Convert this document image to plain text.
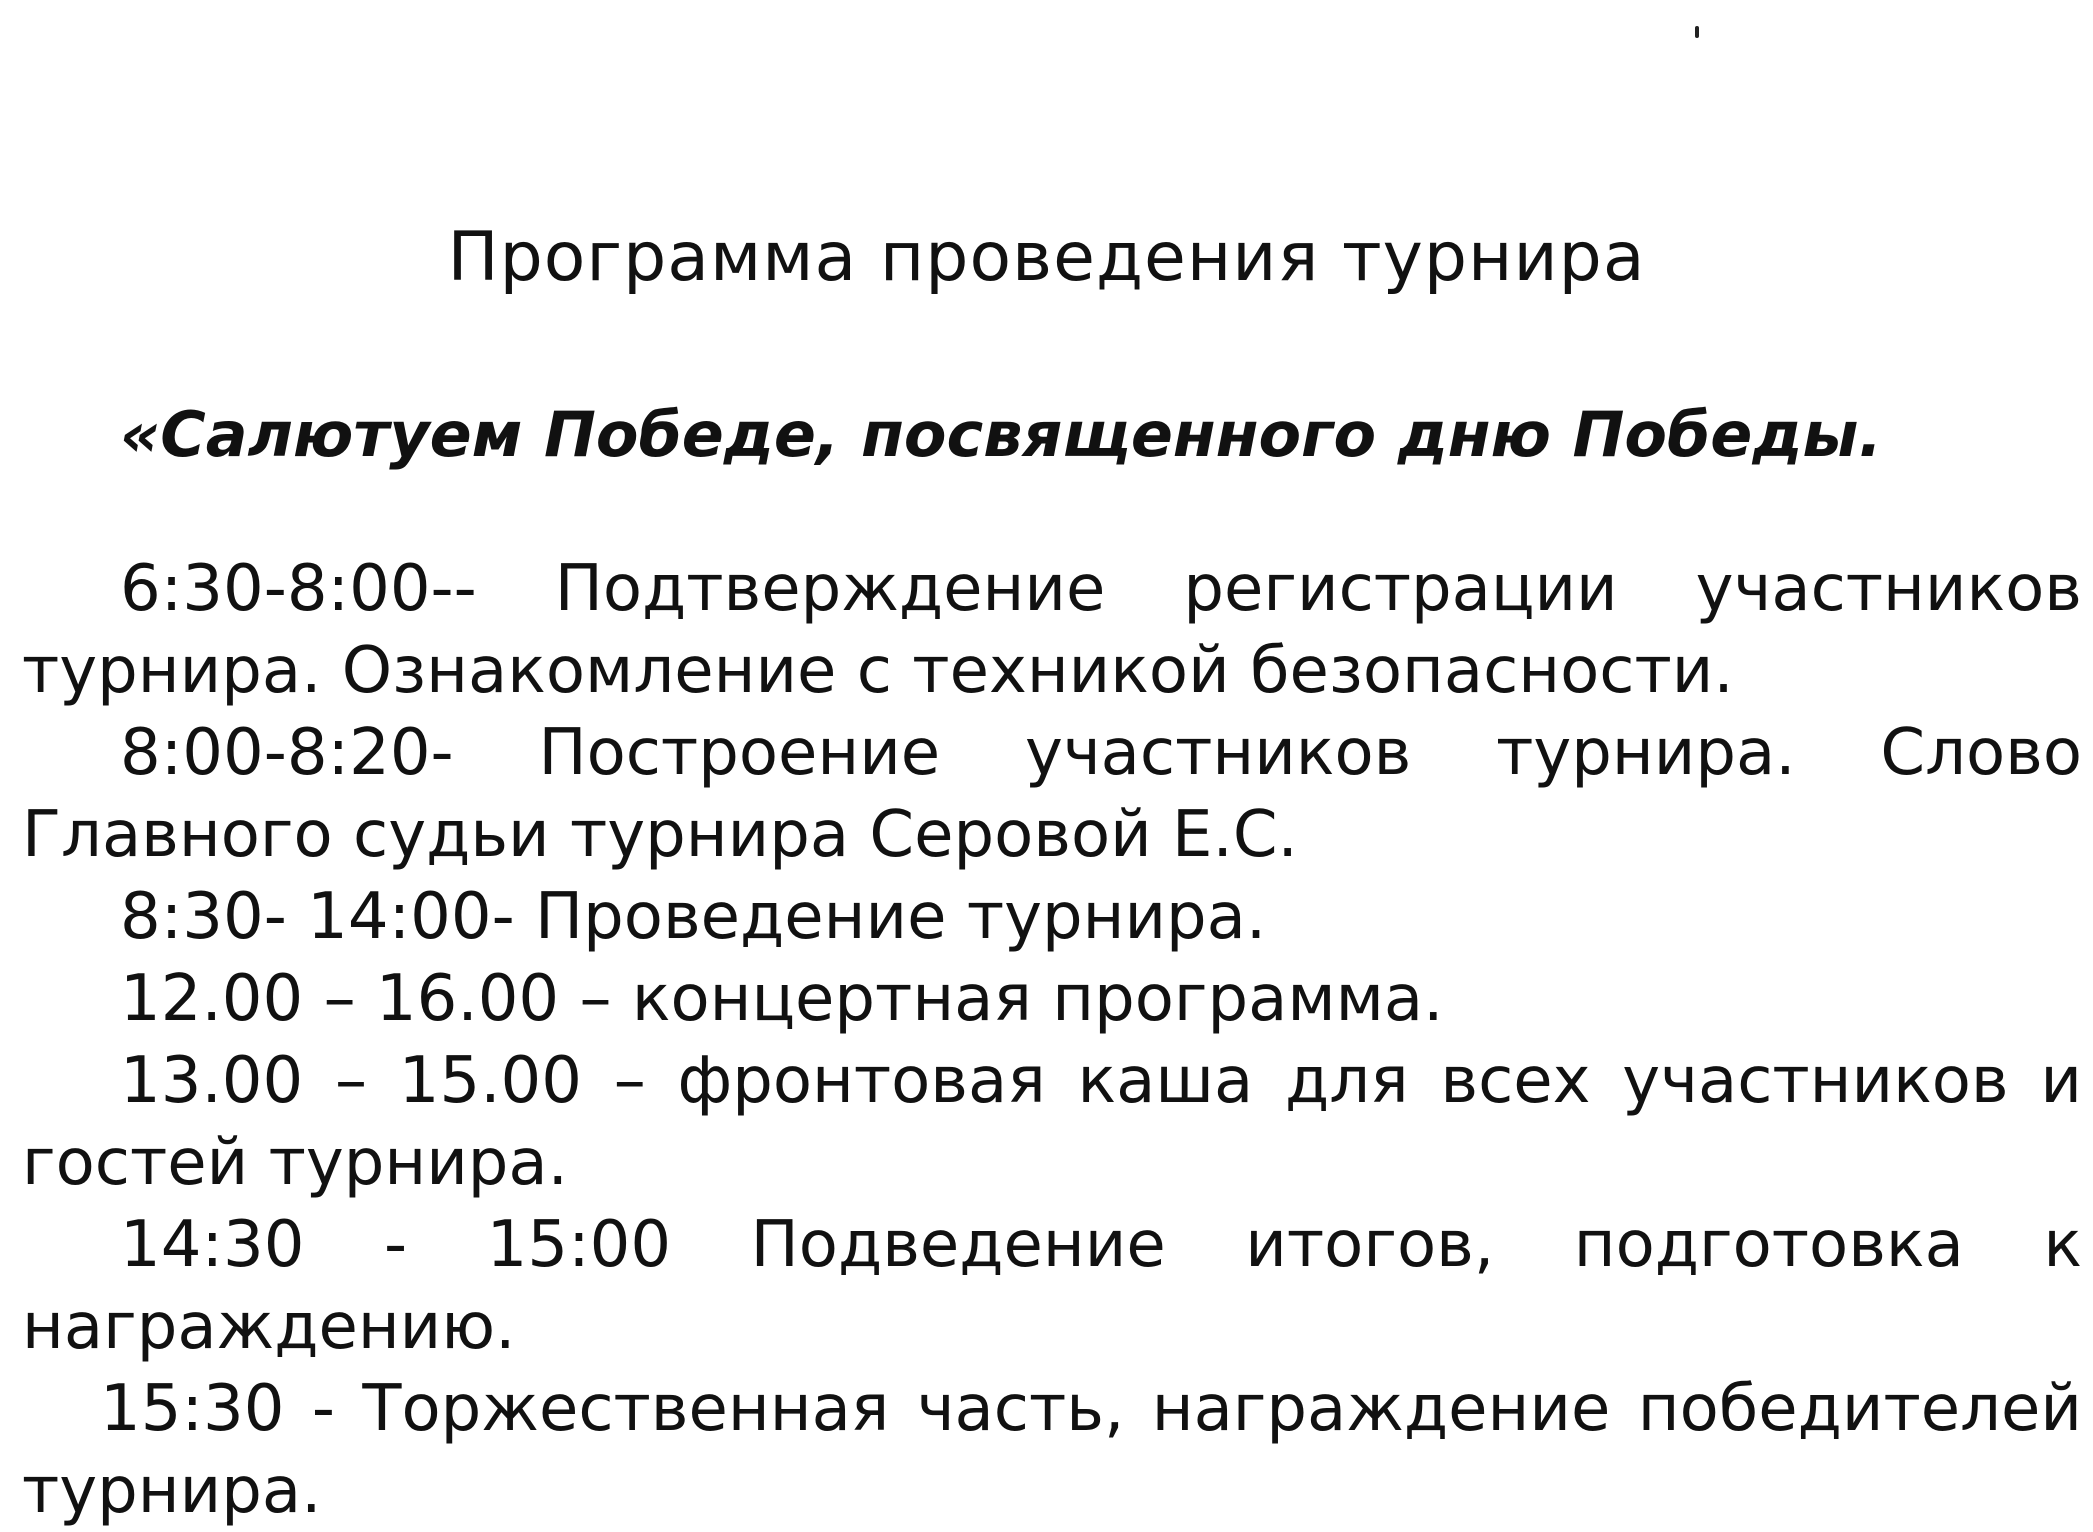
Программа проведения турнира
«Салютуем Победе, посвященного дню Победы.
6:30-8:00-- Подтверждение регистрации участников турнира. Ознакомление с техникой безопасности.
8:00-8:20- Построение участников турнира. Слово Главного судьи турнира Серовой Е.С.
8:30- 14:00- Проведение турнира.
12.00 – 16.00 – концертная программа.
13.00 – 15.00 – фронтовая каша для всех участников и гостей турнира.
14:30 - 15:00 Подведение итогов, подготовка к награждению.
15:30 - Торжественная часть, награждение победителей турнира.
